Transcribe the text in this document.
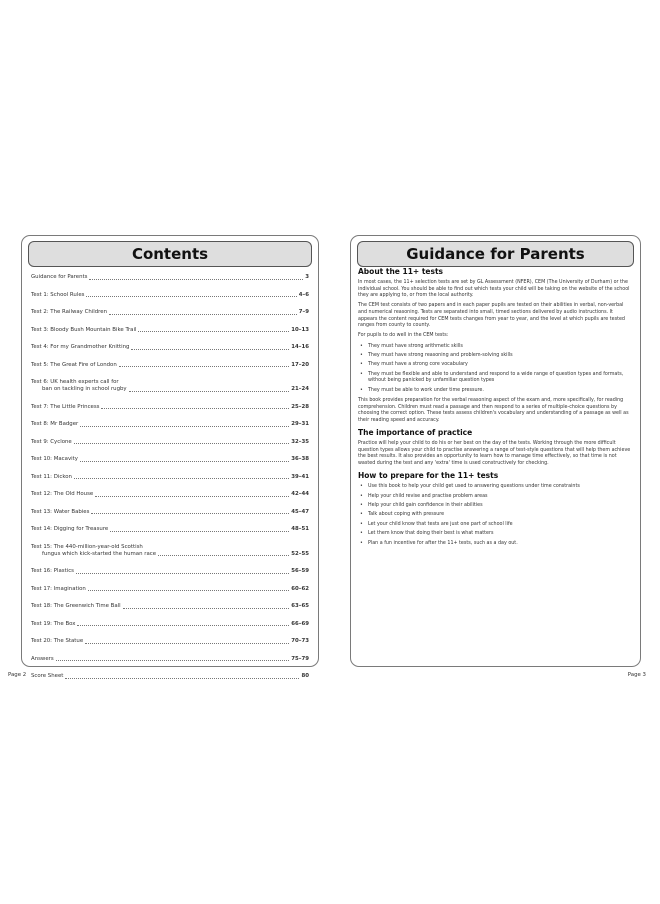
Contents
Guidance for Parents	3
Test 1: School Rules	4–6
Test 2: The Railway Children	7–9
Test 3: Bloody Bush Mountain Bike Trail	10–13
Test 4: For my Grandmother Knitting	14–16
Test 5: The Great Fire of London	17–20
Test 6: UK health experts call for
ban on tackling in school rugby	21–24
Test 7: The Little Princess	25–28
Test 8: Mr Badger	29–31
Test 9: Cyclone	32–35
Test 10: Macavity	36–38
Test 11: Dickon	39–41
Test 12: The Old House	42–44
Test 13: Water Babies	45–47
Test 14: Digging for Treasure	48–51
Test 15: The 440-million-year-old Scottish
fungus which kick-started the human race	52–55
Test 16: Plastics	56–59
Test 17: Imagination	60–62
Test 18: The Greenwich Time Ball	63–65
Test 19: The Box	66–69
Test 20: The Statue	70–73
Answers	75–79
Score Sheet	80
Page 2
Guidance for Parents
About the 11+ tests

In most cases, the 11+ selection tests are set by GL Assessment (NFER), CEM (The University of Durham) or the individual school. You should be able to find out which tests your child will be taking on the website of the school they are applying to, or from the local authority.

The CEM test consists of two papers and in each paper pupils are tested on their abilities in verbal, non-verbal and numerical reasoning. Tests are separated into small, timed sections delivered by audio instructions. It appears the content required for CEM tests changes from year to year, and the level at which pupils are tested ranges from county to county.

For pupils to do well in the CEM tests:

• They must have strong arithmetic skills
• They must have strong reasoning and problem-solving skills
• They must have a strong core vocabulary
• They must be flexible and able to understand and respond to a wide range of question types and formats, without being panicked by unfamiliar question types
• They must be able to work under time pressure.

This book provides preparation for the verbal reasoning aspect of the exam and, more specifically, for reading comprehension. Children must read a passage and then respond to a series of multiple-choice questions by choosing the correct option. These tests assess children's vocabulary and understanding of a passage as well as their reading speed and accuracy.

The importance of practice

Practice will help your child to do his or her best on the day of the tests. Working through the more difficult question types allows your child to practise answering a range of test-style questions that will help them achieve the best results. It also provides an opportunity to learn how to manage time effectively, so that time is not wasted during the test and any 'extra' time is used constructively for checking.

How to prepare for the 11+ tests
• Use this book to help your child get used to answering questions under time constraints
• Help your child revise and practise problem areas
• Help your child gain confidence in their abilities
• Talk about coping with pressure
• Let your child know that tests are just one part of school life
• Let them know that doing their best is what matters
• Plan a fun incentive for after the 11+ tests, such as a day out.
Page 3
